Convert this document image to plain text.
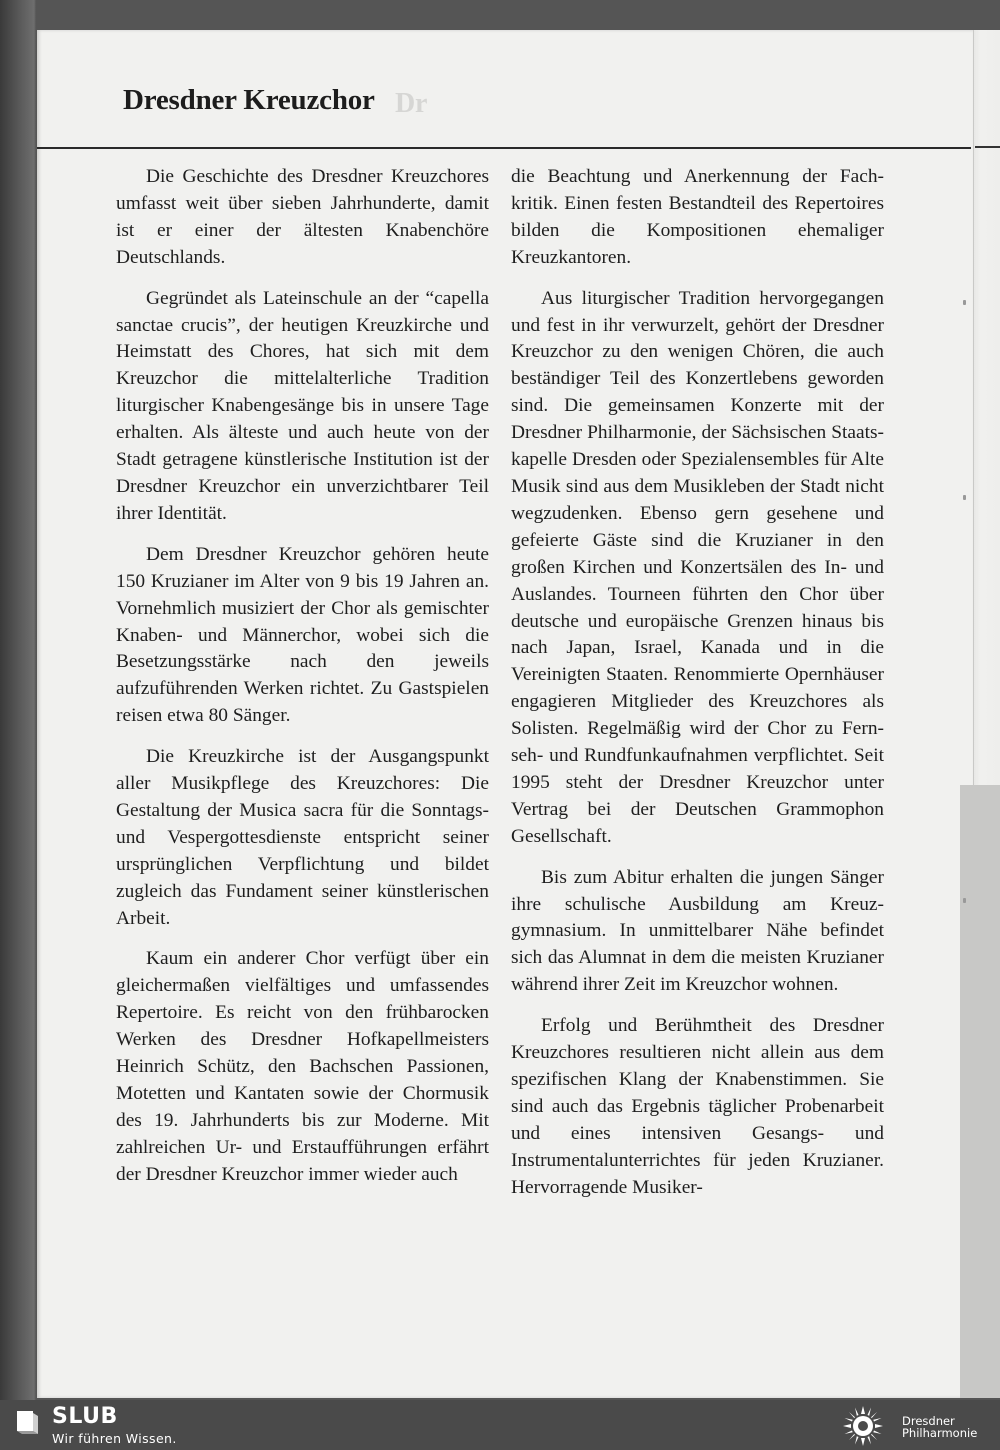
Dr
Dresdner Kreuzchor

Die Geschichte des Dresdner Kreuzchores umfasst weit über sieben Jahrhunderte, damit ist er einer der ältesten Knabenchöre Deutschlands.

Gegründet als Lateinschule an der “capella sanctae crucis”, der heutigen Kreuzkirche und Heimstatt des Chores, hat sich mit dem Kreuzchor die mittelalterliche Tradition liturgischer Knabengesänge bis in unsere Tage erhalten. Als älteste und auch heute von der Stadt getragene künstlerische Institution ist der Dresdner Kreuzchor ein unverzichtbarer Teil ihrer Identität.

Dem Dresdner Kreuzchor gehören heute 150 Kruzianer im Alter von 9 bis 19 Jahren an. Vornehmlich musiziert der Chor als gemischter Knaben- und Männerchor, wobei sich die Besetzungsstärke nach den jeweils aufzuführenden Werken richtet. Zu Gastspielen reisen etwa 80 Sänger.

Die Kreuzkirche ist der Ausgangspunkt aller Musikpflege des Kreuzchores: Die Gestaltung der Musica sacra für die Sonntags- und Vespergottesdienste entspricht seiner ursprünglichen Verpflichtung und bildet zugleich das Fundament seiner künstlerischen Arbeit.

Kaum ein anderer Chor verfügt über ein gleichermaßen vielfältiges und umfassendes Repertoire. Es reicht von den frühbarocken Werken des Dresdner Hofkapellmeisters Heinrich Schütz, den Bachschen Passionen, Motetten und Kantaten sowie der Chormusik des 19. Jahrhunderts bis zur Moderne. Mit zahlreichen Ur- und Erstaufführungen erfährt der Dresdner Kreuzchor immer wieder auch

die Beachtung und Anerkennung der Fachkritik. Einen festen Bestandteil des Repertoires bilden die Kompositionen ehemaliger Kreuzkantoren.

Aus liturgischer Tradition hervorgegangen und fest in ihr verwurzelt, gehört der Dresdner Kreuzchor zu den wenigen Chören, die auch beständiger Teil des Konzertlebens geworden sind. Die gemeinsamen Konzerte mit der Dresdner Philharmonie, der Sächsischen Staatskapelle Dresden oder Spezialensembles für Alte Musik sind aus dem Musikleben der Stadt nicht wegzudenken. Ebenso gern gesehene und gefeierte Gäste sind die Kruzianer in den großen Kirchen und Konzertsälen des In- und Auslandes. Tourneen führten den Chor über deutsche und europäische Grenzen hinaus bis nach Japan, Israel, Kanada und in die Vereinigten Staaten. Renommierte Opernhäuser engagieren Mitglieder des Kreuzchores als Solisten. Regelmäßig wird der Chor zu Fernseh- und Rundfunkaufnahmen verpflichtet. Seit 1995 steht der Dresdner Kreuzchor unter Vertrag bei der Deutschen Grammophon Gesellschaft.

Bis zum Abitur erhalten die jungen Sänger ihre schulische Ausbildung am Kreuzgymnasium. In unmittelbarer Nähe befindet sich das Alumnat in dem die meisten Kruzianer während ihrer Zeit im Kreuzchor wohnen.

Erfolg und Berühmtheit des Dresdner Kreuzchores resultieren nicht allein aus dem spezifischen Klang der Knabenstimmen. Sie sind auch das Ergebnis täglicher Probenarbeit und eines intensiven Gesangs- und Instrumentalunterrichtes für jeden Kruzianer. Hervorragende Musiker-

SLUB
Wir führen Wissen.
Dresdner
Philharmonie
